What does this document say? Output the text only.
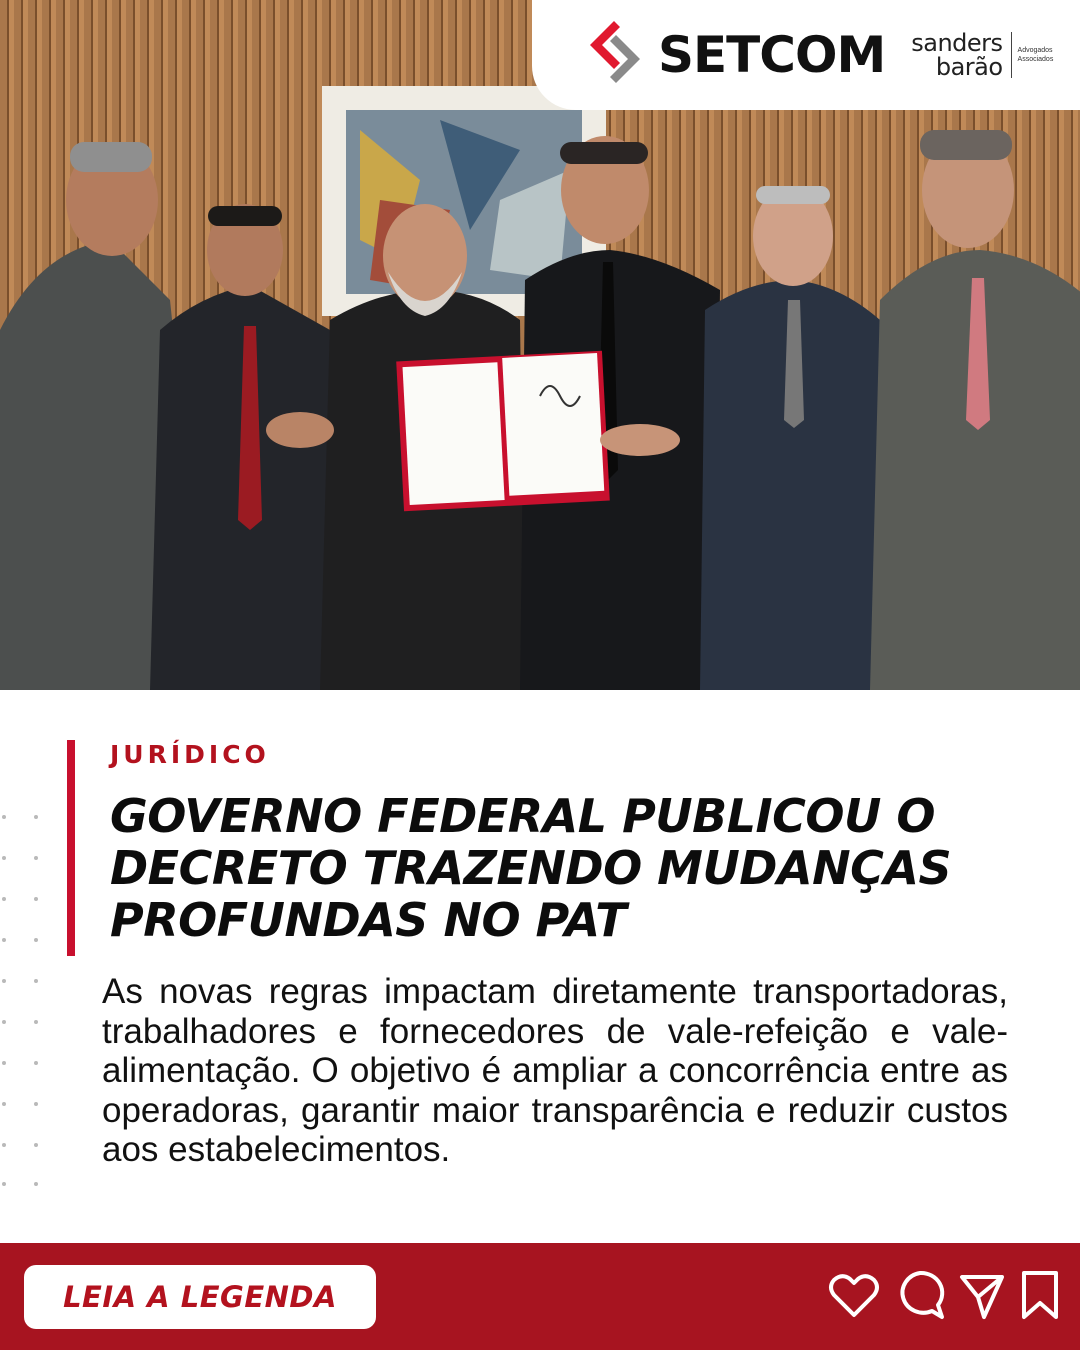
SETCOM sanders
barão
Advogados
Associados
JURÍDICO
GOVERNO FEDERAL PUBLICOU O DECRETO TRAZENDO MUDANÇAS PROFUNDAS NO PAT

As novas regras impactam diretamente transportadoras, trabalhadores e fornecedores de vale-refeição e vale-alimentação. O objetivo é ampliar a concorrência entre as operadoras, garantir maior transparência e reduzir custos aos estabelecimentos.

LEIA A LEGENDA
